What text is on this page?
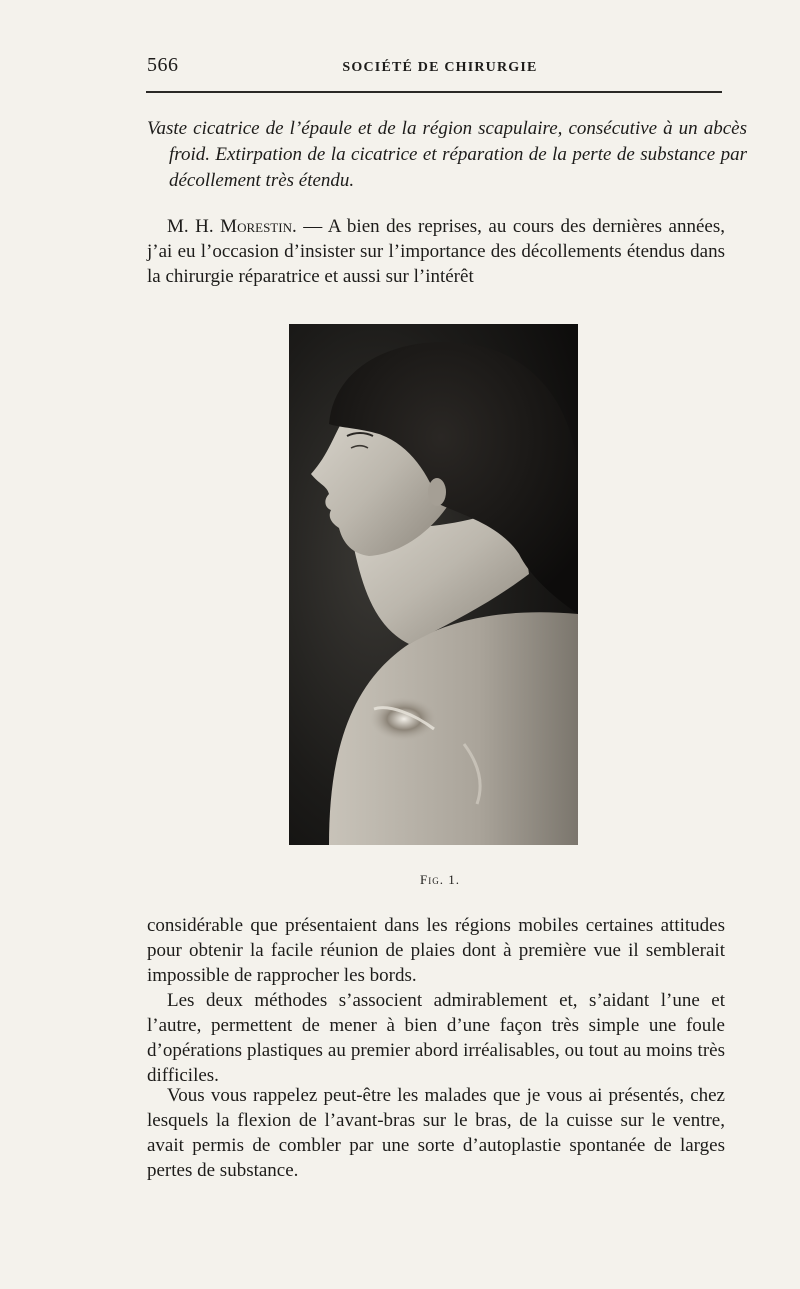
566	SOCIÉTÉ DE CHIRURGIE
Vaste cicatrice de l’épaule et de la région scapulaire, consécutive à un abcès froid. Extirpation de la cicatrice et réparation de la perte de substance par décollement très étendu.
M. H. Morestin. — A bien des reprises, au cours des dernières années, j’ai eu l’occasion d’insister sur l’importance des décollements étendus dans la chirurgie réparatrice et aussi sur l’intérêt
Fig. 1.
considérable que présentaient dans les régions mobiles certaines attitudes pour obtenir la facile réunion de plaies dont à première vue il semblerait impossible de rapprocher les bords.
Les deux méthodes s’associent admirablement et, s’aidant l’une et l’autre, permettent de mener à bien d’une façon très simple une foule d’opérations plastiques au premier abord irréalisables, ou tout au moins très difficiles.
Vous vous rappelez peut-être les malades que je vous ai présentés, chez lesquels la flexion de l’avant-bras sur le bras, de la cuisse sur le ventre, avait permis de combler par une sorte d’autoplastie spontanée de larges pertes de substance.
